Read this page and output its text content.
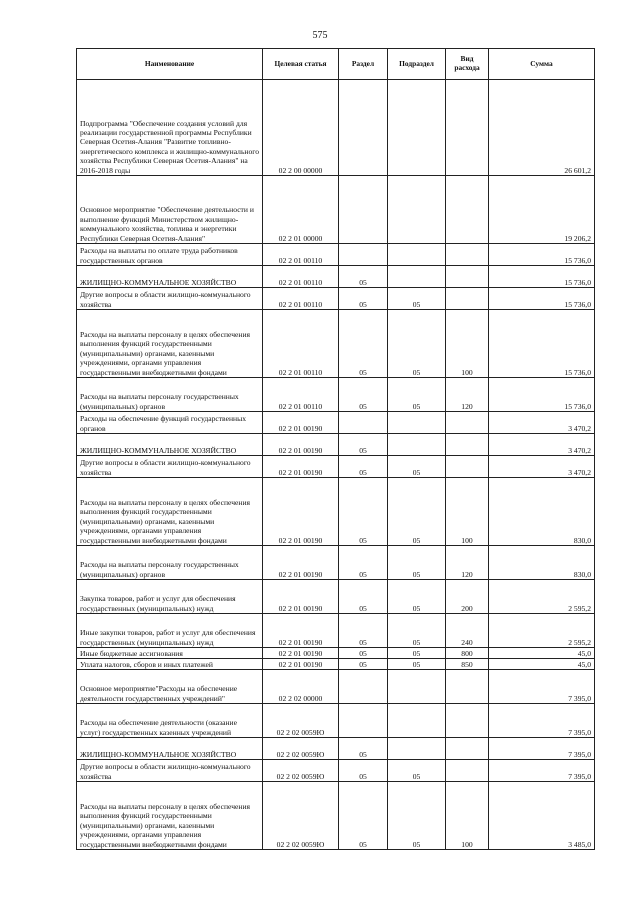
575
Наименование	Целевая статья	Раздел	Подраздел	Вид расхода	Сумма
Подпрограмма "Обеспечение создания условий для реализации государственной программы Республики Северная Осетия-Алания "Развитие топливно-энергетического комплекса и жилищно-коммунального хозяйства Республики Северная Осетия-Алания" на 2016-2018 годы	02 2 00 00000				26 601,2
Основное мероприятие "Обеспечение деятельности и выполнение функций Министерством жилищно-коммунального хозяйства, топлива и энергетики Республики Северная Осетия-Алания"	02 2 01 00000				19 206,2
Расходы на выплаты по оплате труда работников государственных органов	02 2 01 00110				15 736,0
ЖИЛИЩНО-КОММУНАЛЬНОЕ ХОЗЯЙСТВО	02 2 01 00110	05			15 736,0
Другие вопросы в области жилищно-коммунального хозяйства	02 2 01 00110	05	05		15 736,0
Расходы на выплаты персоналу в целях обеспечения выполнения функций государственными (муниципальными) органами, казенными учреждениями, органами управления государственными внебюджетными фондами	02 2 01 00110	05	05	100	15 736,0
Расходы на выплаты персоналу государственных (муниципальных) органов	02 2 01 00110	05	05	120	15 736,0
Расходы на обеспечение функций государственных органов	02 2 01 00190				3 470,2
ЖИЛИЩНО-КОММУНАЛЬНОЕ ХОЗЯЙСТВО	02 2 01 00190	05			3 470,2
Другие вопросы в области жилищно-коммунального хозяйства	02 2 01 00190	05	05		3 470,2
Расходы на выплаты персоналу в целях обеспечения выполнения функций государственными (муниципальными) органами, казенными учреждениями, органами управления государственными внебюджетными фондами	02 2 01 00190	05	05	100	830,0
Расходы на выплаты персоналу государственных (муниципальных) органов	02 2 01 00190	05	05	120	830,0
Закупка товаров, работ и услуг для обеспечения государственных (муниципальных) нужд	02 2 01 00190	05	05	200	2 595,2
Иные закупки товаров, работ и услуг для обеспечения государственных (муниципальных) нужд	02 2 01 00190	05	05	240	2 595,2
Иные бюджетные ассигнования	02 2 01 00190	05	05	800	45,0
Уплата налогов, сборов и иных платежей	02 2 01 00190	05	05	850	45,0
Основное мероприятие"Расходы на обеспечение деятельности государственных учреждений"	02 2 02 00000				7 395,0
Расходы на обеспечение деятельности (оказание услуг) государственных казенных учреждений	02 2 02 0059Ю				7 395,0
ЖИЛИЩНО-КОММУНАЛЬНОЕ ХОЗЯЙСТВО	02 2 02 0059Ю	05			7 395,0
Другие вопросы в области жилищно-коммунального хозяйства	02 2 02 0059Ю	05	05		7 395,0
Расходы на выплаты персоналу в целях обеспечения выполнения функций государственными (муниципальными) органами, казенными учреждениями, органами управления государственными внебюджетными фондами	02 2 02 0059Ю	05	05	100	3 485,0
